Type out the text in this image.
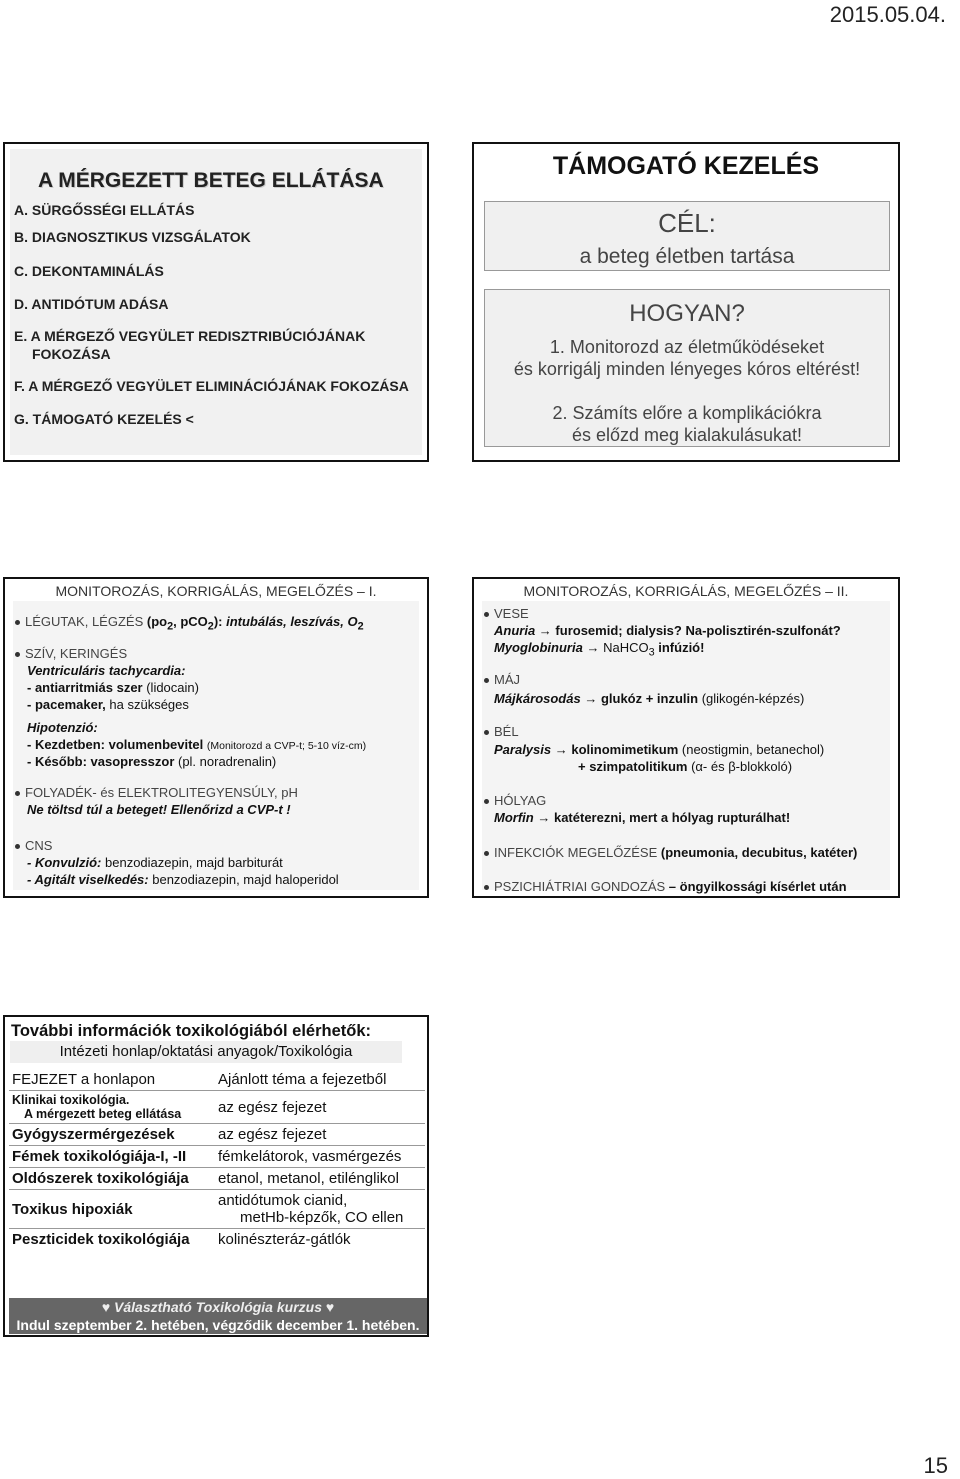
2015.05.04.
A MÉRGEZETT BETEG ELLÁTÁSA
A. SÜRGŐSSÉGI ELLÁTÁS
B. DIAGNOSZTIKUS VIZSGÁLATOK
C. DEKONTAMINÁLÁS
D. ANTIDÓTUM ADÁSA
E. A MÉRGEZŐ VEGYÜLET REDISZTRIBÚCIÓJÁNAK
FOKOZÁSA
F. A MÉRGEZŐ VEGYÜLET ELIMINÁCIÓJÁNAK FOKOZÁSA
G. TÁMOGATÓ KEZELÉS <
TÁMOGATÓ KEZELÉS
CÉL:
a beteg életben tartása
HOGYAN?
1. Monitorozd az életműködéseket
és korrigálj minden lényeges kóros eltérést!
2. Számíts előre a komplikációkra
és előzd meg kialakulásukat!
MONITOROZÁS, KORRIGÁLÁS, MEGELŐZÉS – I.
LÉGUTAK, LÉGZÉS ($po_2$, pCO$_2$): intubálás, leszívás, $O_2$
SZÍV, KERINGÉS
Ventriculáris tachycardia:
- antiarritmiás szer (lidocain)
- pacemaker, ha szükséges
Hipotenzió:
- Kezdetben: volumenbevitel (Monitorozd a CVP-t; 5-10 víz-cm)
- Később: vasopresszor (pl. noradrenalin)
FOLYADÉK- és ELEKTROLITEGYENSÚLY, pH
Ne töltsd túl a beteget! Ellenőrizd a CVP-t !
CNS
- Konvulzió: benzodiazepin, majd barbiturát
- Agitált viselkedés: benzodiazepin, majd haloperidol
MONITOROZÁS, KORRIGÁLÁS, MEGELŐZÉS – II.
VESE
Anuria → furosemid; dialysis? Na-polisztirén-szulfonát?
Myoglobinuria → NaHCO$_3$ infúzió!
MÁJ
Májkárosodás → glukóz + inzulin (glikogén-képzés)
BÉL
Paralysis → kolinomimetikum (neostigmin, betanechol)
+ szimpatolitikum (α- és β-blokkoló)
HÓLYAG
Morfin → katéterezni, mert a hólyag rupturálhat!
INFEKCIÓK MEGELŐZÉSE (pneumonia, decubitus, katéter)
PSZICHIÁTRIAI GONDOZÁS – öngyilkossági kísérlet után
További információk toxikológiából elérhetők:
Intézeti honlap/oktatási anyagok/Toxikológia
FEJEZET a honlapon	Ajánlott téma a fejezetből

Klinikai toxikológia.
A mérgezett beteg ellátása	az egész fejezet
Gyógyszermérgezések	az egész fejezet
Fémek toxikológiája-I, -II	fémkelátorok, vasmérgezés
Oldószerek toxikológiája	etanol, metanol, etilénglikol
Toxikus hipoxiák	antidótumok cianid,
metHb-képzők, CO ellen

Peszticidek toxikológiája	kolinészteráz-gátlók
♥ Választható Toxikológia kurzus ♥
Indul szeptember 2. hetében, végződik december 1. hetében.
15
